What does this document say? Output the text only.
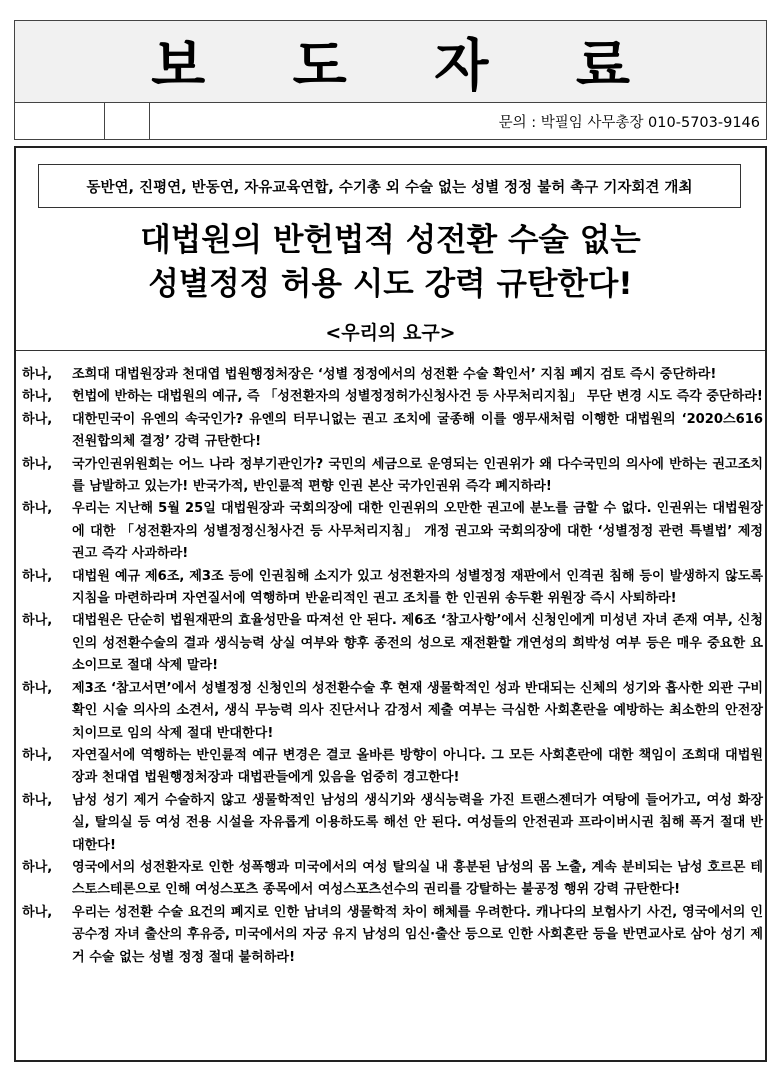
보 도 자 료
문의 : 박필임 사무총장 010-5703-9146
동반연, 진평연, 반동연, 자유교육연합, 수기총 외 수술 없는 성별 정정 불허 촉구 기자회견 개최
대법원의 반헌법적 성전환 수술 없는
성별정정 허용 시도 강력 규탄한다!
<우리의 요구>
하나,	조희대 대법원장과 천대엽 법원행정처장은 ‘성별 정정에서의 성전환 수술 확인서’ 지침 폐지 검토 즉시 중단하라!
하나,	헌법에 반하는 대법원의 예규, 즉 「성전환자의 성별정정허가신청사건 등 사무처리지침」 무단 변경 시도 즉각 중단하라!
하나,	대한민국이 유엔의 속국인가? 유엔의 터무니없는 권고 조치에 굴종해 이를 앵무새처럼 이행한 대법원의 ‘2020스616 전원합의체 결정’ 강력 규탄한다!
하나,	국가인권위원회는 어느 나라 정부기관인가? 국민의 세금으로 운영되는 인권위가 왜 다수국민의 의사에 반하는 권고조치를 남발하고 있는가! 반국가적, 반인륜적 편향 인권 본산 국가인권위 즉각 폐지하라!
하나,	우리는 지난해 5월 25일 대법원장과 국회의장에 대한 인권위의 오만한 권고에 분노를 금할 수 없다. 인권위는 대법원장에 대한 「성전환자의 성별정정신청사건 등 사무처리지침」 개정 권고와 국회의장에 대한 ‘성별정정 관련 특별법’ 제정 권고 즉각 사과하라!
하나,	대법원 예규 제6조, 제3조 등에 인권침해 소지가 있고 성전환자의 성별정정 재판에서 인격권 침해 등이 발생하지 않도록 지침을 마련하라며 자연질서에 역행하며 반윤리적인 권고 조치를 한 인권위 송두환 위원장 즉시 사퇴하라!
하나,	대법원은 단순히 법원재판의 효율성만을 따져선 안 된다. 제6조 ‘참고사항’에서 신청인에게 미성년 자녀 존재 여부, 신청인의 성전환수술의 결과 생식능력 상실 여부와 향후 종전의 성으로 재전환할 개연성의 희박성 여부 등은 매우 중요한 요소이므로 절대 삭제 말라!
하나,	제3조 ‘참고서면’에서 성별정정 신청인의 성전환수술 후 현재 생물학적인 성과 반대되는 신체의 성기와 흡사한 외관 구비 확인 시술 의사의 소견서, 생식 무능력 의사 진단서나 감정서 제출 여부는 극심한 사회혼란을 예방하는 최소한의 안전장치이므로 임의 삭제 절대 반대한다!
하나,	자연질서에 역행하는 반인륜적 예규 변경은 결코 올바른 방향이 아니다. 그 모든 사회혼란에 대한 책임이 조희대 대법원장과 천대엽 법원행정처장과 대법관들에게 있음을 엄중히 경고한다!
하나,	남성 성기 제거 수술하지 않고 생물학적인 남성의 생식기와 생식능력을 가진 트랜스젠더가 여탕에 들어가고, 여성 화장실, 탈의실 등 여성 전용 시설을 자유롭게 이용하도록 해선 안 된다. 여성들의 안전권과 프라이버시권 침해 폭거 절대 반대한다!
하나,	영국에서의 성전환자로 인한 성폭행과 미국에서의 여성 탈의실 내 흥분된 남성의 몸 노출, 계속 분비되는 남성 호르몬 테스토스테론으로 인해 여성스포츠 종목에서 여성스포츠선수의 권리를 강탈하는 불공정 행위 강력 규탄한다!
하나,	우리는 성전환 수술 요건의 폐지로 인한 남녀의 생물학적 차이 해체를 우려한다. 캐나다의 보험사기 사건, 영국에서의 인공수정 자녀 출산의 후유증, 미국에서의 자궁 유지 남성의 임신·출산 등으로 인한 사회혼란 등을 반면교사로 삼아 성기 제거 수술 없는 성별 정정 절대 불허하라!
